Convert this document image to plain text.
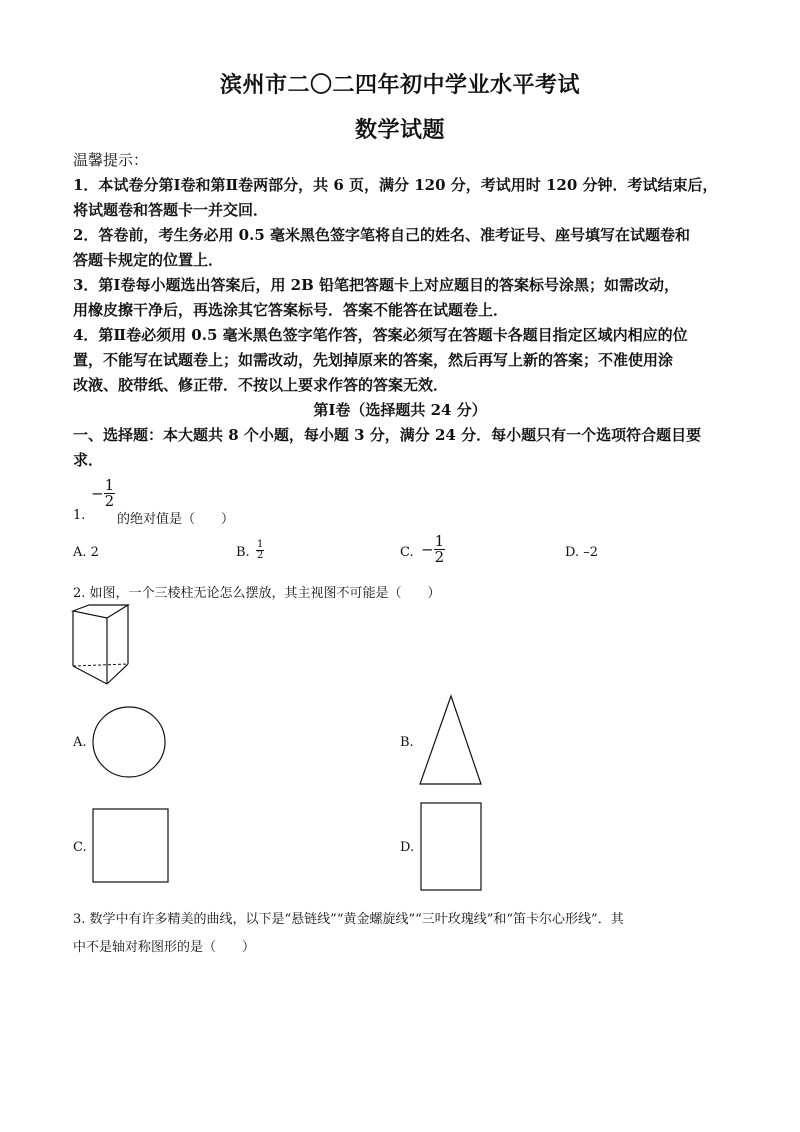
滨州市二〇二四年初中学业水平考试
数学试题
温馨提示：
1．本试卷分第Ⅰ卷和第Ⅱ卷两部分，共 6 页，满分 120 分，考试用时 120 分钟．考试结束后，
将试题卷和答题卡一并交回．
2．答卷前，考生务必用 0.5 毫米黑色签字笔将自己的姓名、准考证号、座号填写在试题卷和
答题卡规定的位置上．
3．第Ⅰ卷每小题选出答案后，用 2B 铅笔把答题卡上对应题目的答案标号涂黑；如需改动，
用橡皮擦干净后，再选涂其它答案标号．答案不能答在试题卷上．
4．第Ⅱ卷必须用 0.5 毫米黑色签字笔作答，答案必须写在答题卡各题目指定区域内相应的位
置，不能写在试题卷上；如需改动，先划掉原来的答案，然后再写上新的答案；不准使用涂
改液、胶带纸、修正带．不按以上要求作答的答案无效．
第Ⅰ卷（选择题共 24 分）
一、选择题：本大题共 8 个小题，每小题 3 分，满分 24 分．每小题只有一个选项符合题目要
求．
1.
− $\frac{1}{2}$
的绝对值是（　　）
A. 2	B. $\frac{1}{2}$	C. − $\frac{1}{2}$	D. –2
2. 如图，一个三棱柱无论怎么摆放，其主视图不可能是（　　）
A.	B.
C.	D.
3. 数学中有许多精美的曲线，以下是“悬链线”“黄金螺旋线”“三叶玫瑰线”和“笛卡尔心形线”．其
中不是轴对称图形的是（　　）
